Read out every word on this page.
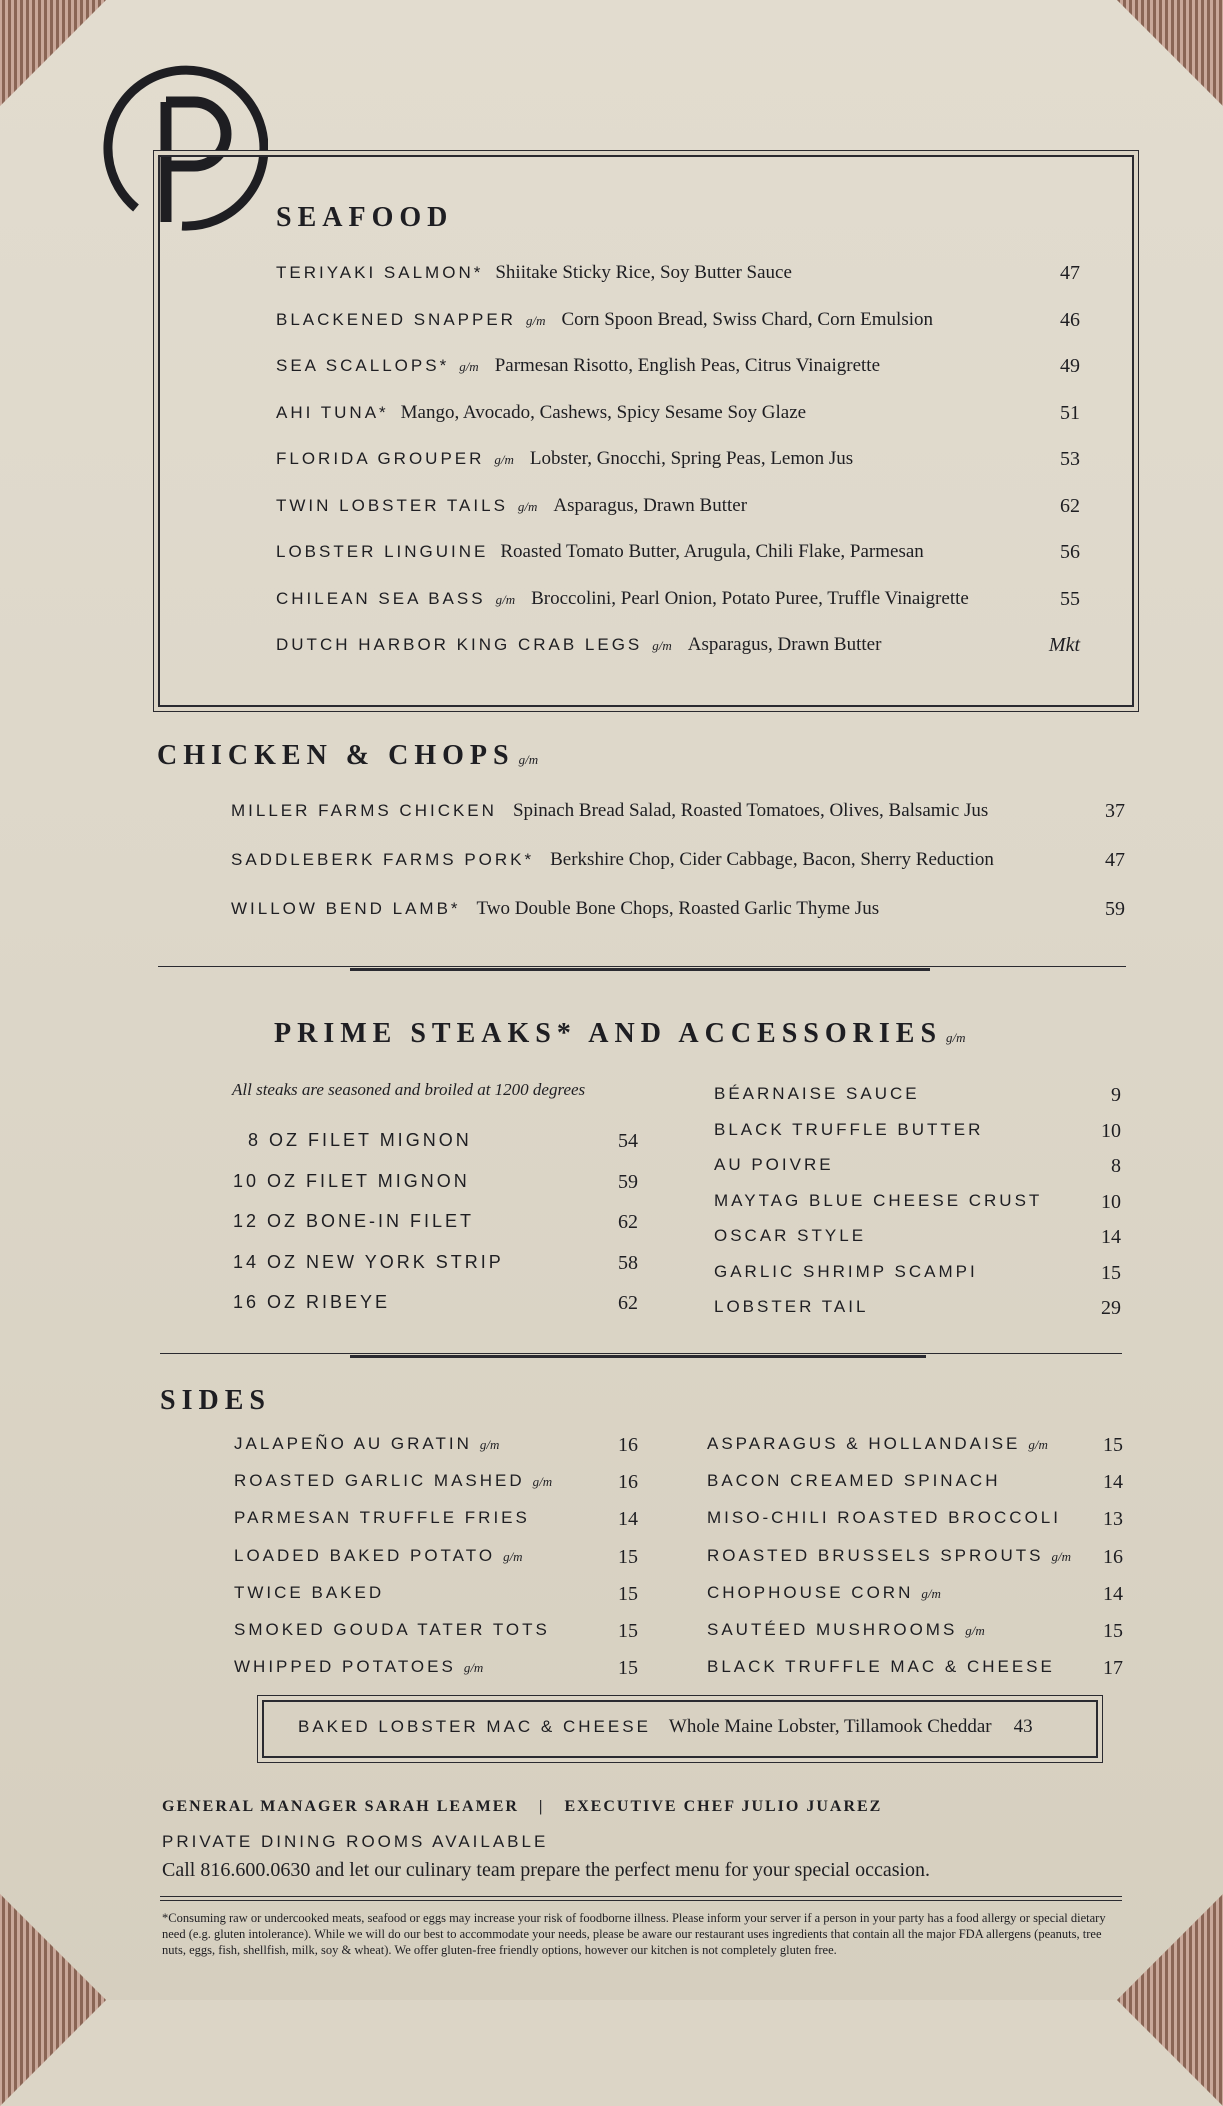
SEAFOOD
TERIYAKI SALMON* Shiitake Sticky Rice, Soy Butter Sauce	47
BLACKENED SNAPPER g/m Corn Spoon Bread, Swiss Chard, Corn Emulsion	46
SEA SCALLOPS* g/m Parmesan Risotto, English Peas, Citrus Vinaigrette	49
AHI TUNA* Mango, Avocado, Cashews, Spicy Sesame Soy Glaze	51
FLORIDA GROUPER g/m Lobster, Gnocchi, Spring Peas, Lemon Jus	53
TWIN LOBSTER TAILS g/m Asparagus, Drawn Butter	62
LOBSTER LINGUINE Roasted Tomato Butter, Arugula, Chili Flake, Parmesan	56
CHILEAN SEA BASS g/m Broccolini, Pearl Onion, Potato Puree, Truffle Vinaigrette	55
DUTCH HARBOR KING CRAB LEGS g/m Asparagus, Drawn Butter	Mkt
CHICKEN & CHOPS g/m
MILLER FARMS CHICKEN Spinach Bread Salad, Roasted Tomatoes, Olives, Balsamic Jus	37
SADDLEBERK FARMS PORK* Berkshire Chop, Cider Cabbage, Bacon, Sherry Reduction	47
WILLOW BEND LAMB* Two Double Bone Chops, Roasted Garlic Thyme Jus	59
PRIME STEAKS* AND ACCESSORIES g/m
All steaks are seasoned and broiled at 1200 degrees
8 OZ FILET MIGNON	54
10 OZ FILET MIGNON	59
12 OZ BONE-IN FILET	62
14 OZ NEW YORK STRIP	58
16 OZ RIBEYE	62
BÉARNAISE SAUCE	9
BLACK TRUFFLE BUTTER	10
AU POIVRE	8
MAYTAG BLUE CHEESE CRUST	10
OSCAR STYLE	14
GARLIC SHRIMP SCAMPI	15
LOBSTER TAIL	29
SIDES
JALAPEÑO AU GRATIN g/m	16
ROASTED GARLIC MASHED g/m	16
PARMESAN TRUFFLE FRIES	14
LOADED BAKED POTATO g/m	15
TWICE BAKED	15
SMOKED GOUDA TATER TOTS	15
WHIPPED POTATOES g/m	15
ASPARAGUS & HOLLANDAISE g/m	15
BACON CREAMED SPINACH	14
MISO-CHILI ROASTED BROCCOLI 13
ROASTED BRUSSELS SPROUTS g/m 16
CHOPHOUSE CORN g/m	14
SAUTÉED MUSHROOMS g/m	15
BLACK TRUFFLE MAC & CHEESE 17
BAKED LOBSTER MAC & CHEESE Whole Maine Lobster, Tillamook Cheddar 43
GENERAL MANAGER SARAH LEAMER | EXECUTIVE CHEF JULIO JUAREZ
PRIVATE DINING ROOMS AVAILABLE
Call 816.600.0630 and let our culinary team prepare the perfect menu for your special occasion.
*Consuming raw or undercooked meats, seafood or eggs may increase your risk of foodborne illness. Please inform your server if a person in your party has a food allergy or special dietary need (e.g. gluten intolerance). While we will do our best to accommodate your needs, please be aware our restaurant uses ingredients that contain all the major FDA allergens (peanuts, tree nuts, eggs, fish, shellfish, milk, soy & wheat). We offer gluten-free friendly options, however our kitchen is not completely gluten free.
